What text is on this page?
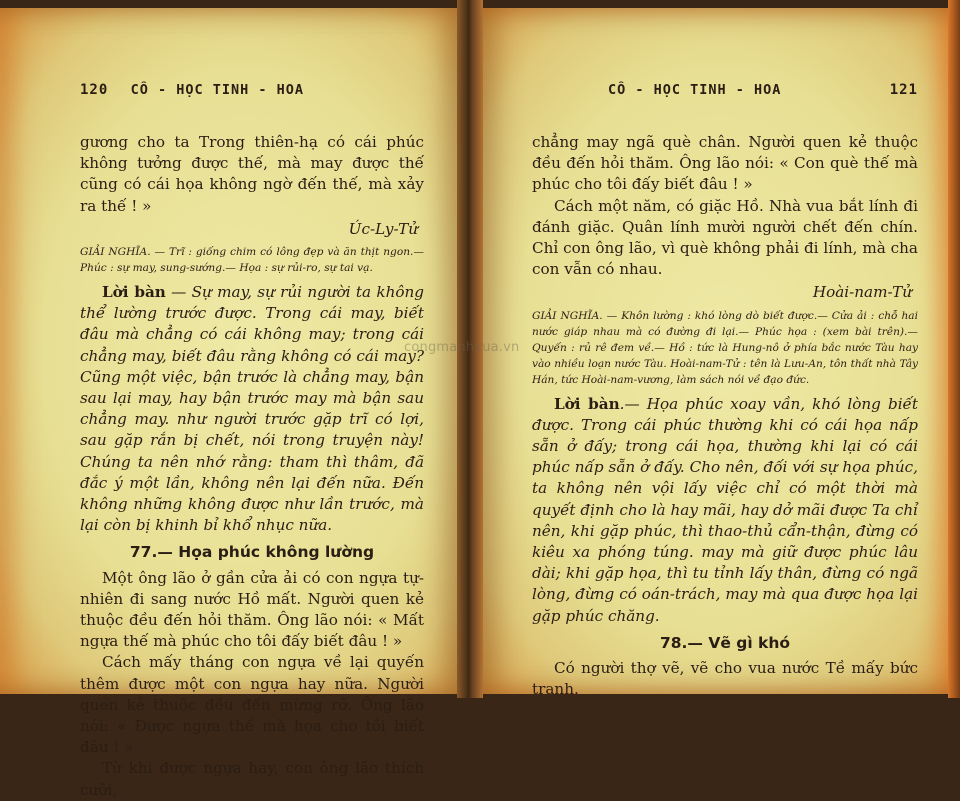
120 CÔ - HỌC TINH - HOA

gương cho ta Trong thiên-hạ có cái phúc không tưởng được thế, mà may được thế cũng có cái họa không ngờ đến thế, mà xảy ra thế ! »

Úc-Ly-Tử

GIẢI NGHĨA. — Trĩ : giống chim có lông đẹp và ăn thịt ngon.— Phúc : sự may, sung-sướng.— Họa : sự rủi-ro, sự tai vạ.

Lời bàn — Sự may, sự rủi người ta không thể lường trước được. Trong cái may, biết đâu mà chẳng có cái không may; trong cái chẳng may, biết đâu rằng không có cái may? Cũng một việc, bận trước là chẳng may, bận sau lại may, hay bận trước may mà bận sau chẳng may. như người trước gặp trĩ có lợi, sau gặp rắn bị chết, nói trong truyện này! Chúng ta nên nhớ rằng: tham thì thâm, đã đắc ý một lần, không nên lại đến nữa. Đến không những không được như lần trước, mà lại còn bị khinh bỉ khổ nhục nữa.

77.— Họa phúc không lường

Một ông lão ở gần cửa ải có con ngựa tự-nhiên đi sang nước Hồ mất. Người quen kẻ thuộc đều đến hỏi thăm. Ông lão nói: « Mất ngựa thế mà phúc cho tôi đấy biết đâu ! »

Cách mấy tháng con ngựa về lại quyến thêm được một con ngựa hay nữa. Người quen kẻ thuộc đều đến mừng rỡ. Ông lão nói: « Được ngựa thế mà họa cho tôi biết đâu ! »

Từ khi được ngựa hay, con ông lão thích cưỡi,

CÔ - HỌC TINH - HOA	121

chẳng may ngã què chân. Người quen kẻ thuộc đều đến hỏi thăm. Ông lão nói: « Con què thế mà phúc cho tôi đấy biết đâu ! »

Cách một năm, có giặc Hồ. Nhà vua bắt lính đi đánh giặc. Quân lính mười người chết đến chín. Chỉ con ông lão, vì què không phải đi lính, mà cha con vẫn có nhau.

Hoài-nam-Tử

GIẢI NGHĨA. — Khôn lường : khó lòng dò biết được.— Cửa ải : chỗ hai nước giáp nhau mà có đường đi lại.— Phúc họa : (xem bài trên).— Quyến : rủ rê đem về.— Hồ : tức là Hung-nô ở phía bắc nước Tàu hay vào nhiều loạn nước Tàu. Hoài-nam-Tử : tên là Lưu-An, tôn thất nhà Tây Hán, tức Hoài-nam-vương, làm sách nói về đạo đức.

Lời bàn.— Họa phúc xoay vần, khó lòng biết được. Trong cái phúc thường khi có cái họa nấp sẵn ở đấy; trong cái họa, thường khi lại có cái phúc nấp sẵn ở đấy. Cho nên, đối với sự họa phúc, ta không nên vội lấy việc chỉ có một thời mà quyết định cho là hay mãi, hay dở mãi được Ta chỉ nên, khi gặp phúc, thì thao-thủ cẩn-thận, đừng có kiêu xa phóng túng. may mà giữ được phúc lâu dài; khi gặp họa, thì tu tỉnh lấy thân, đừng có ngã lòng, đừng có oán-trách, may mà qua được họa lại gặp phúc chăng.

78.— Vẽ gì khó

Có người thợ vẽ, vẽ cho vua nước Tề mấy bức tranh.

congmanhxua.vn
